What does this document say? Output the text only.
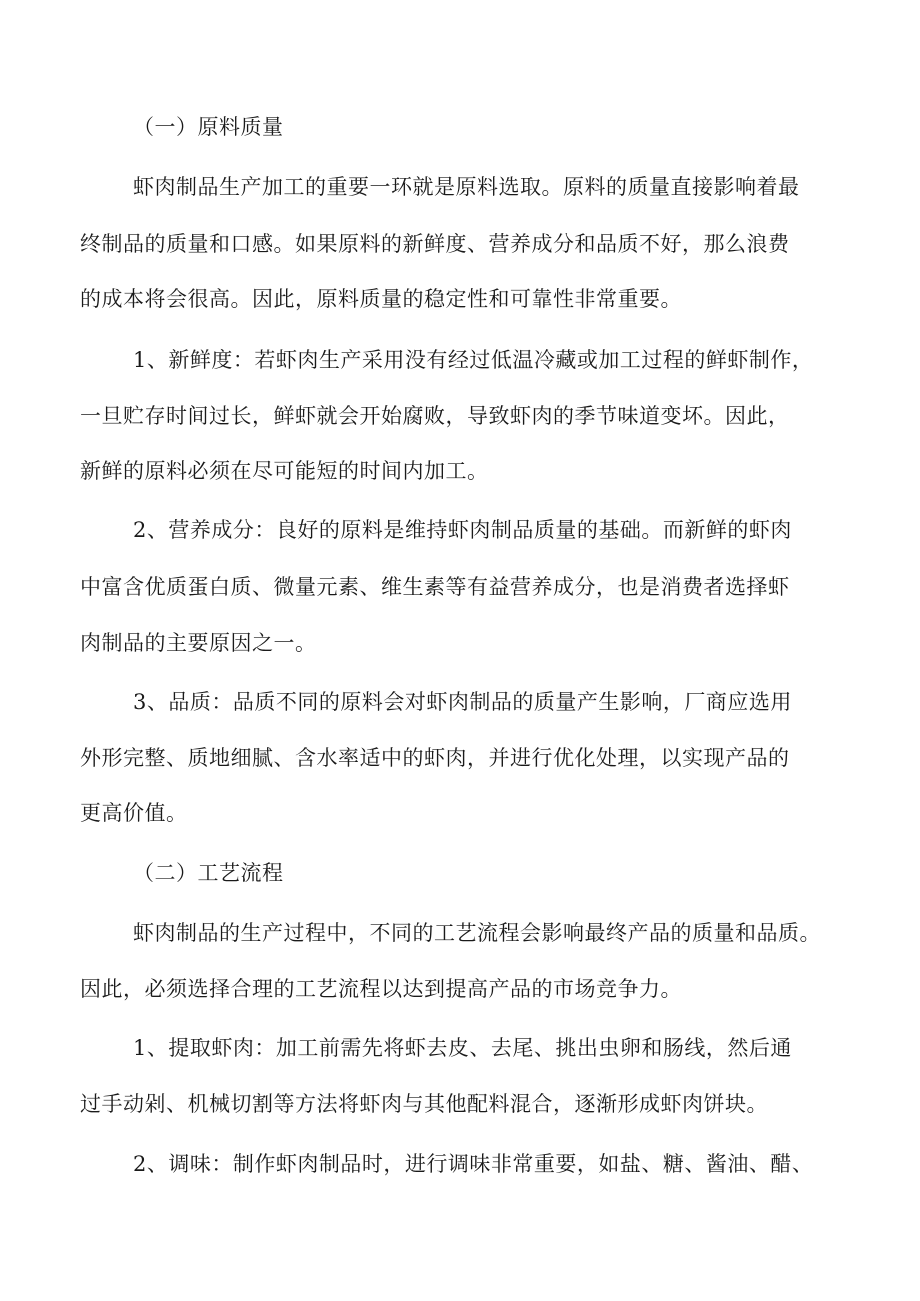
（一）原料质量
虾肉制品生产加工的重要一环就是原料选取。原料的质量直接影响着最
终制品的质量和口感。如果原料的新鲜度、营养成分和品质不好，那么浪费
的成本将会很高。因此，原料质量的稳定性和可靠性非常重要。
1、新鲜度：若虾肉生产采用没有经过低温冷藏或加工过程的鲜虾制作，
一旦贮存时间过长，鲜虾就会开始腐败，导致虾肉的季节味道变坏。因此，
新鲜的原料必须在尽可能短的时间内加工。
2、营养成分：良好的原料是维持虾肉制品质量的基础。而新鲜的虾肉
中富含优质蛋白质、微量元素、维生素等有益营养成分，也是消费者选择虾
肉制品的主要原因之一。
3、品质：品质不同的原料会对虾肉制品的质量产生影响，厂商应选用
外形完整、质地细腻、含水率适中的虾肉，并进行优化处理，以实现产品的
更高价值。
（二）工艺流程
虾肉制品的生产过程中，不同的工艺流程会影响最终产品的质量和品质。
因此，必须选择合理的工艺流程以达到提高产品的市场竞争力。
1、提取虾肉：加工前需先将虾去皮、去尾、挑出虫卵和肠线，然后通
过手动剁、机械切割等方法将虾肉与其他配料混合，逐渐形成虾肉饼块。
2、调味：制作虾肉制品时，进行调味非常重要，如盐、糖、酱油、醋、
